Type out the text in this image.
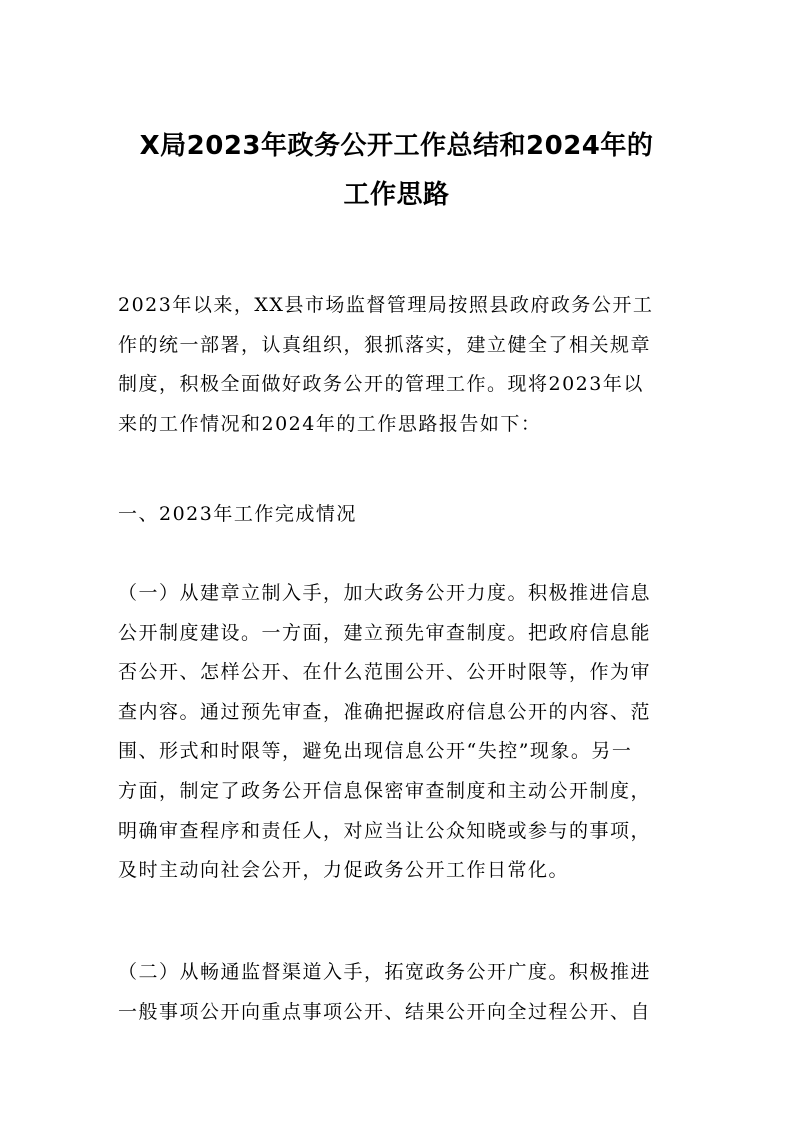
X局2023年政务公开工作总结和2024年的
工作思路

2023年以来，XX县市场监督管理局按照县政府政务公开工
作的统一部署，认真组织，狠抓落实，建立健全了相关规章
制度，积极全面做好政务公开的管理工作。现将2023年以
来的工作情况和2024年的工作思路报告如下：

一、2023年工作完成情况

（一）从建章立制入手，加大政务公开力度。积极推进信息
公开制度建设。一方面，建立预先审查制度。把政府信息能
否公开、怎样公开、在什么范围公开、公开时限等，作为审
查内容。通过预先审查，准确把握政府信息公开的内容、范
围、形式和时限等，避免出现信息公开“失控”现象。另一
方面，制定了政务公开信息保密审查制度和主动公开制度，
明确审查程序和责任人，对应当让公众知晓或参与的事项，
及时主动向社会公开，力促政务公开工作日常化。

（二）从畅通监督渠道入手，拓宽政务公开广度。积极推进
一般事项公开向重点事项公开、结果公开向全过程公开、自
